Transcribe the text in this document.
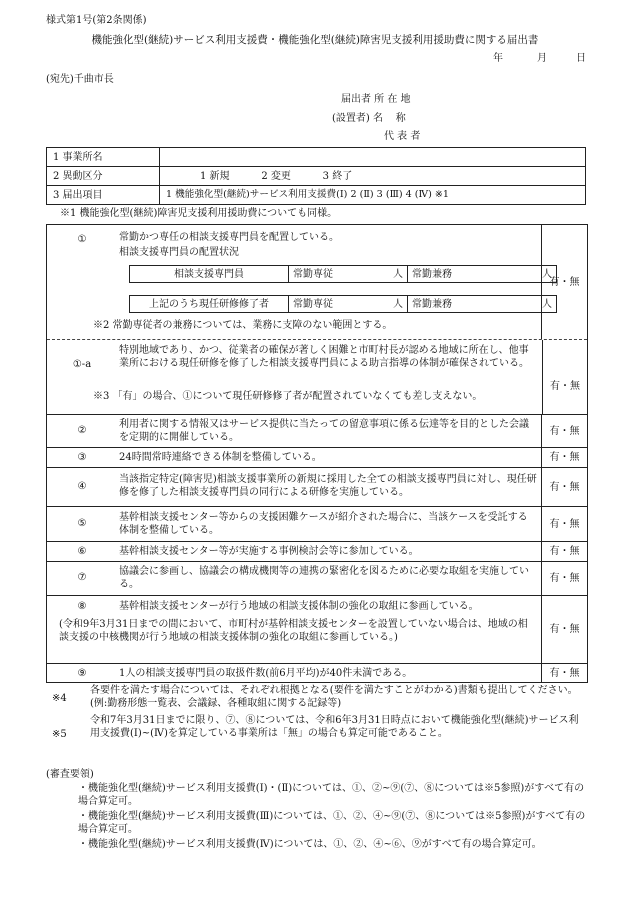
様式第1号(第2条関係)
機能強化型(継続)サービス利用支援費・機能強化型(継続)障害児支援利用援助費に関する届出書
年	月	日
(宛先)千曲市長
届出者 所 在 地
(設置者) 名    称
代 表 者
1 事業所名	
2 異動区分	1 新規          2 変更          3 終了
3 届出項目	1 機能強化型(継続)サービス利用支援費(Ⅰ) 2 (Ⅱ) 3 (Ⅲ) 4 (Ⅳ) ※1
※1 機能強化型(継続)障害児支援利用援助費についても同様。
①	常勤かつ専任の相談支援専門員を配置している。
相談支援専門員の配置状況
相談支援専門員	常勤専従	人	常勤兼務	人
上記のうち現任研修修了者	常勤専従	人	常勤兼務	人
※2 常勤専従者の兼務については、業務に支障のない範囲とする。
有・無
①-a
特別地域であり、かつ、従業者の確保が著しく困難と市町村長が認める地域に所在し、他事業所における現任研修を修了した相談支援専門員による助言指導の体制が確保されている。
※3 「有」の場合、①について現任研修修了者が配置されていなくても差し支えない。
有・無
②
利用者に関する情報又はサービス提供に当たっての留意事項に係る伝達等を目的とした会議を定期的に開催している。
有・無
③	24時間常時連絡できる体制を整備している。	有・無
④
当該指定特定(障害児)相談支援事業所の新規に採用した全ての相談支援専門員に対し、現任研修を修了した相談支援専門員の同行による研修を実施している。	有・無
⑤
基幹相談支援センター等からの支援困難ケースが紹介された場合に、当該ケースを受託する体制を整備している。
有・無
⑥	基幹相談支援センター等が実施する事例検討会等に参加している。	有・無
⑦
協議会に参画し、協議会の構成機関等の連携の緊密化を図るために必要な取組を実施している。
有・無
⑧	基幹相談支援センターが行う地域の相談支援体制の強化の取組に参画している。
(令和9年3月31日までの間において、市町村が基幹相談支援センターを設置していない場合は、地域の相談支援の中核機関が行う地域の相談支援体制の強化の取組に参画している。)
有・無
⑨	1人の相談支援専門員の取扱件数(前6月平均)が40件未満である。	有・無
※4
各要件を満たす場合については、それぞれ根拠となる(要件を満たすことがわかる)書類も提出してください。(例:勤務形態一覧表、会議録、各種取組に関する記録等)
※5
令和7年3月31日までに限り、⑦、⑧については、令和6年3月31日時点において機能強化型(継続)サービス利用支援費(Ⅰ)~(Ⅳ)を算定している事業所は「無」の場合も算定可能であること。
(審査要領)
・機能強化型(継続)サービス利用支援費(Ⅰ)・(Ⅱ)については、①、②~⑨(⑦、⑧については※5参照)がすべて有の場合算定可。
・機能強化型(継続)サービス利用支援費(Ⅲ)については、①、②、④~⑨(⑦、⑧については※5参照)がすべて有の場合算定可。
・機能強化型(継続)サービス利用支援費(Ⅳ)については、①、②、④~⑥、⑨がすべて有の場合算定可。
